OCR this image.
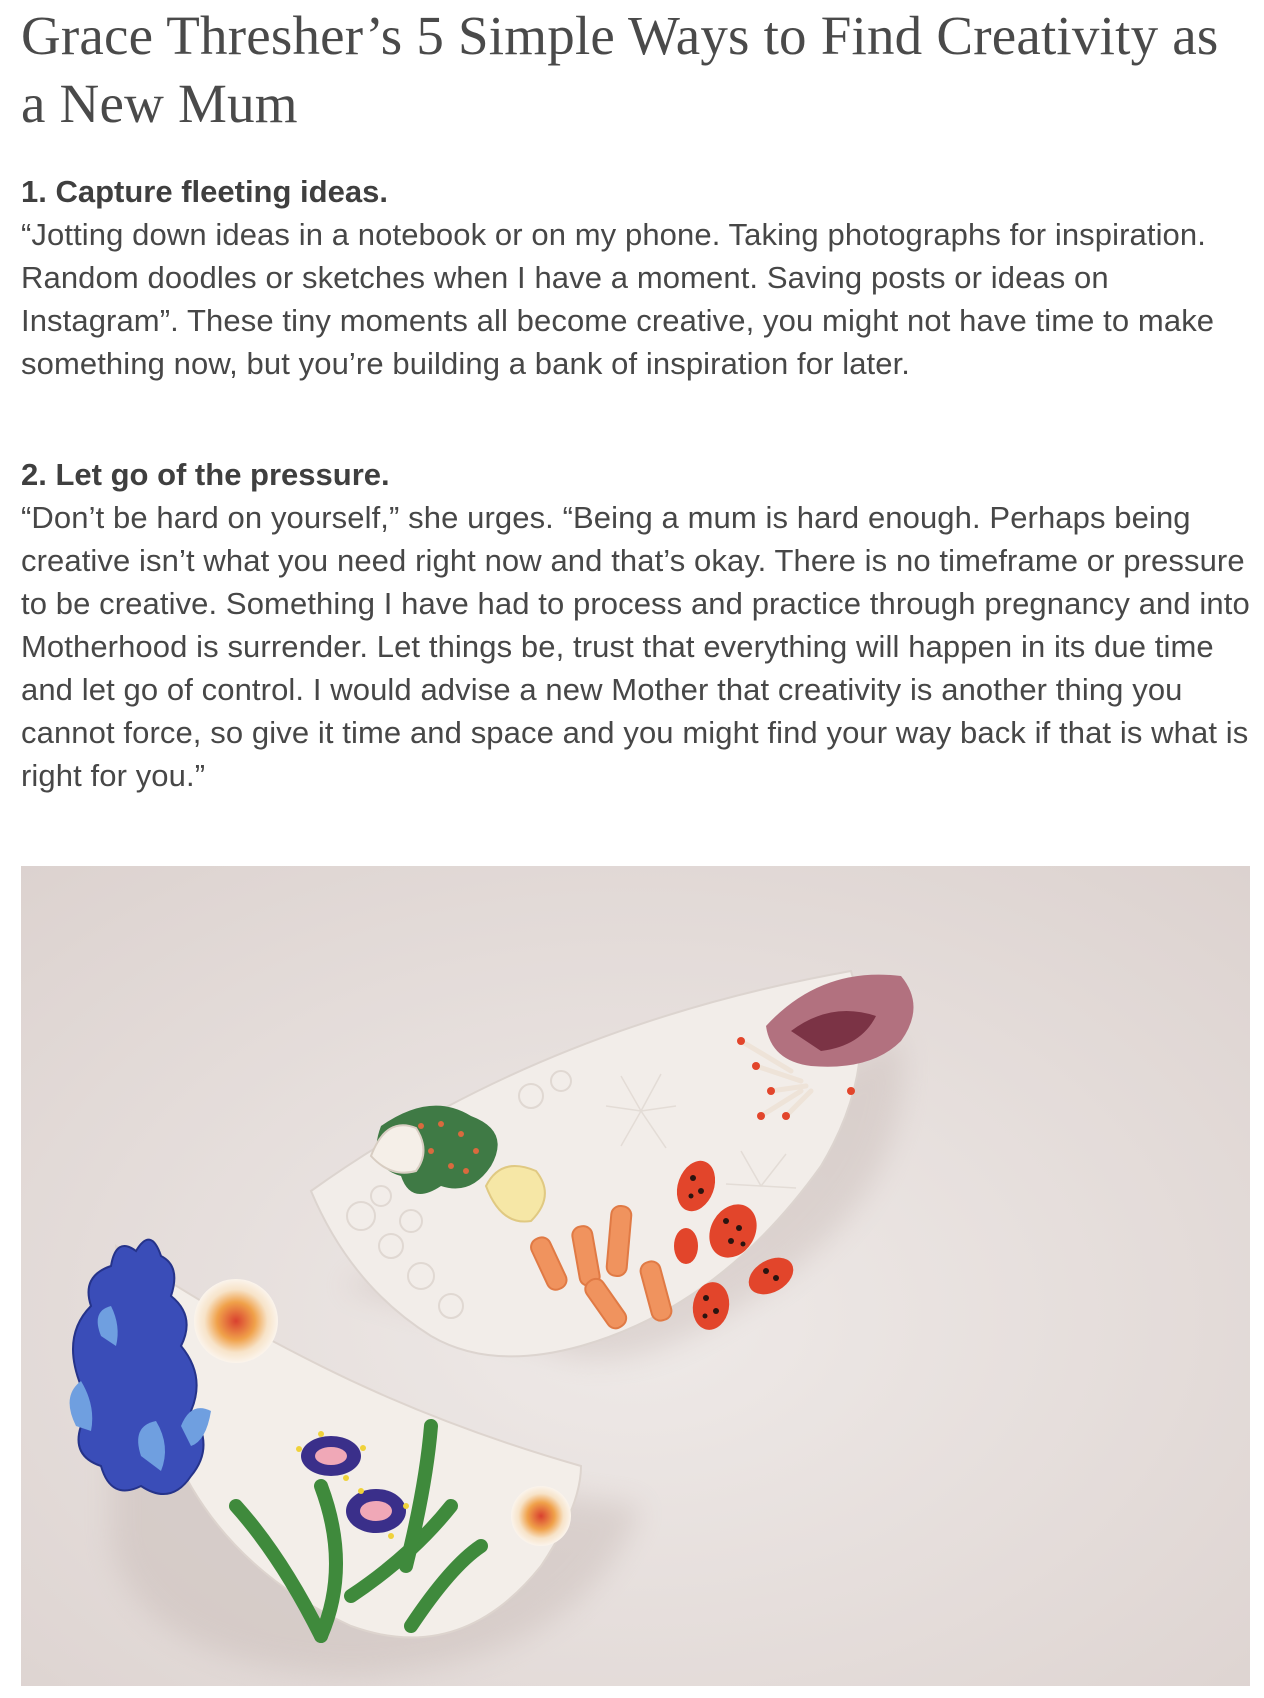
Grace Thresher’s 5 Simple Ways to Find Creativity as a New Mum
1. Capture fleeting ideas.

“Jotting down ideas in a notebook or on my phone. Taking photographs for inspiration. Random doodles or sketches when I have a moment. Saving posts or ideas on Instagram”. These tiny moments all become creative, you might not have time to make something now, but you’re building a bank of inspiration for later.

2. Let go of the pressure.

“Don’t be hard on yourself,” she urges. “Being a mum is hard enough. Perhaps being creative isn’t what you need right now and that’s okay. There is no timeframe or pressure to be creative. Something I have had to process and practice through pregnancy and into Motherhood is surrender. Let things be, trust that everything will happen in its due time and let go of control. I would advise a new Mother that creativity is another thing you cannot force, so give it time and space and you might find your way back if that is what is right for you.”
